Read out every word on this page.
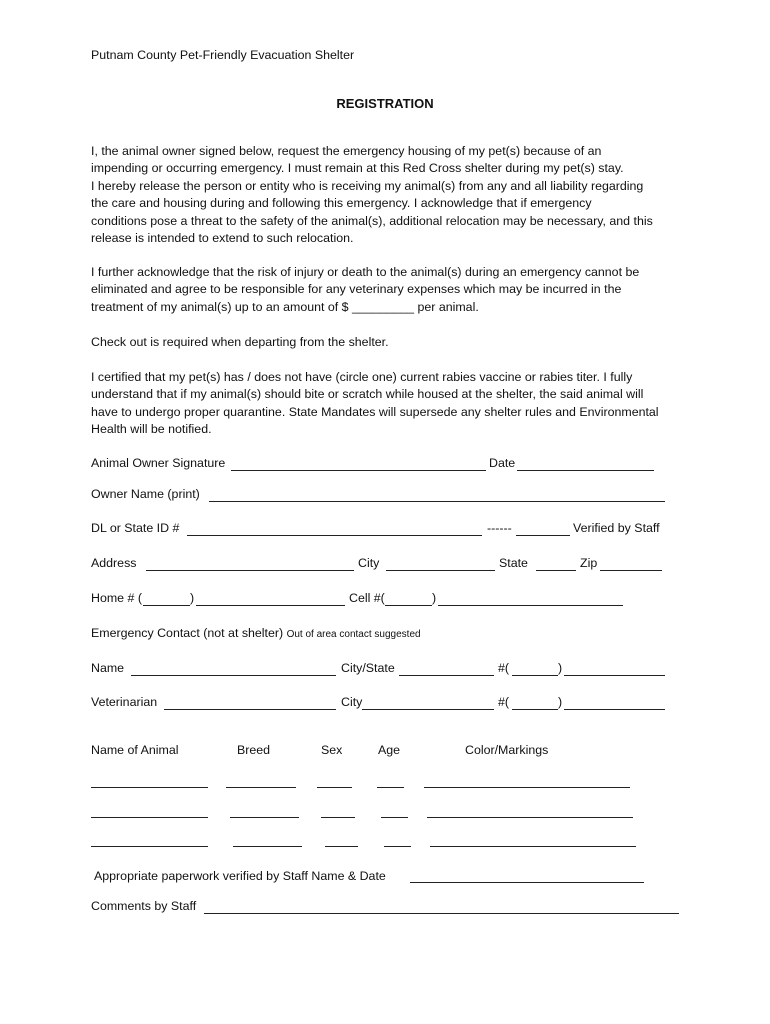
Putnam County Pet-Friendly Evacuation Shelter
REGISTRATION
I, the animal owner signed below, request the emergency housing of my pet(s) because of an
impending or occurring emergency. I must remain at this Red Cross shelter during my pet(s) stay.
I hereby release the person or entity who is receiving my animal(s) from any and all liability regarding
the care and housing during and following this emergency. I acknowledge that if emergency
conditions pose a threat to the safety of the animal(s), additional relocation may be necessary, and this
release is intended to extend to such relocation.
I further acknowledge that the risk of injury or death to the animal(s) during an emergency cannot be
eliminated and agree to be responsible for any veterinary expenses which may be incurred in the
treatment of my animal(s) up to an amount of $ _________ per animal.
Check out is required when departing from the shelter.
I certified that my pet(s) has / does not have (circle one) current rabies vaccine or rabies titer. I fully
understand that if my animal(s) should bite or scratch while housed at the shelter, the said animal will
have to undergo proper quarantine. State Mandates will supersede any shelter rules and Environmental
Health will be notified.
Animal Owner Signature	Date
Owner Name (print)
DL or State ID #	------	Verified by Staff
Address	City	State	Zip
Home # (	)	Cell #(	)
Emergency Contact (not at shelter) Out of area contact suggested
Name	City/State	#(	)
Veterinarian	City	#(	)
Name of Animal	Breed	Sex	Age	Color/Markings
Appropriate paperwork verified by Staff Name & Date
Comments by Staff
